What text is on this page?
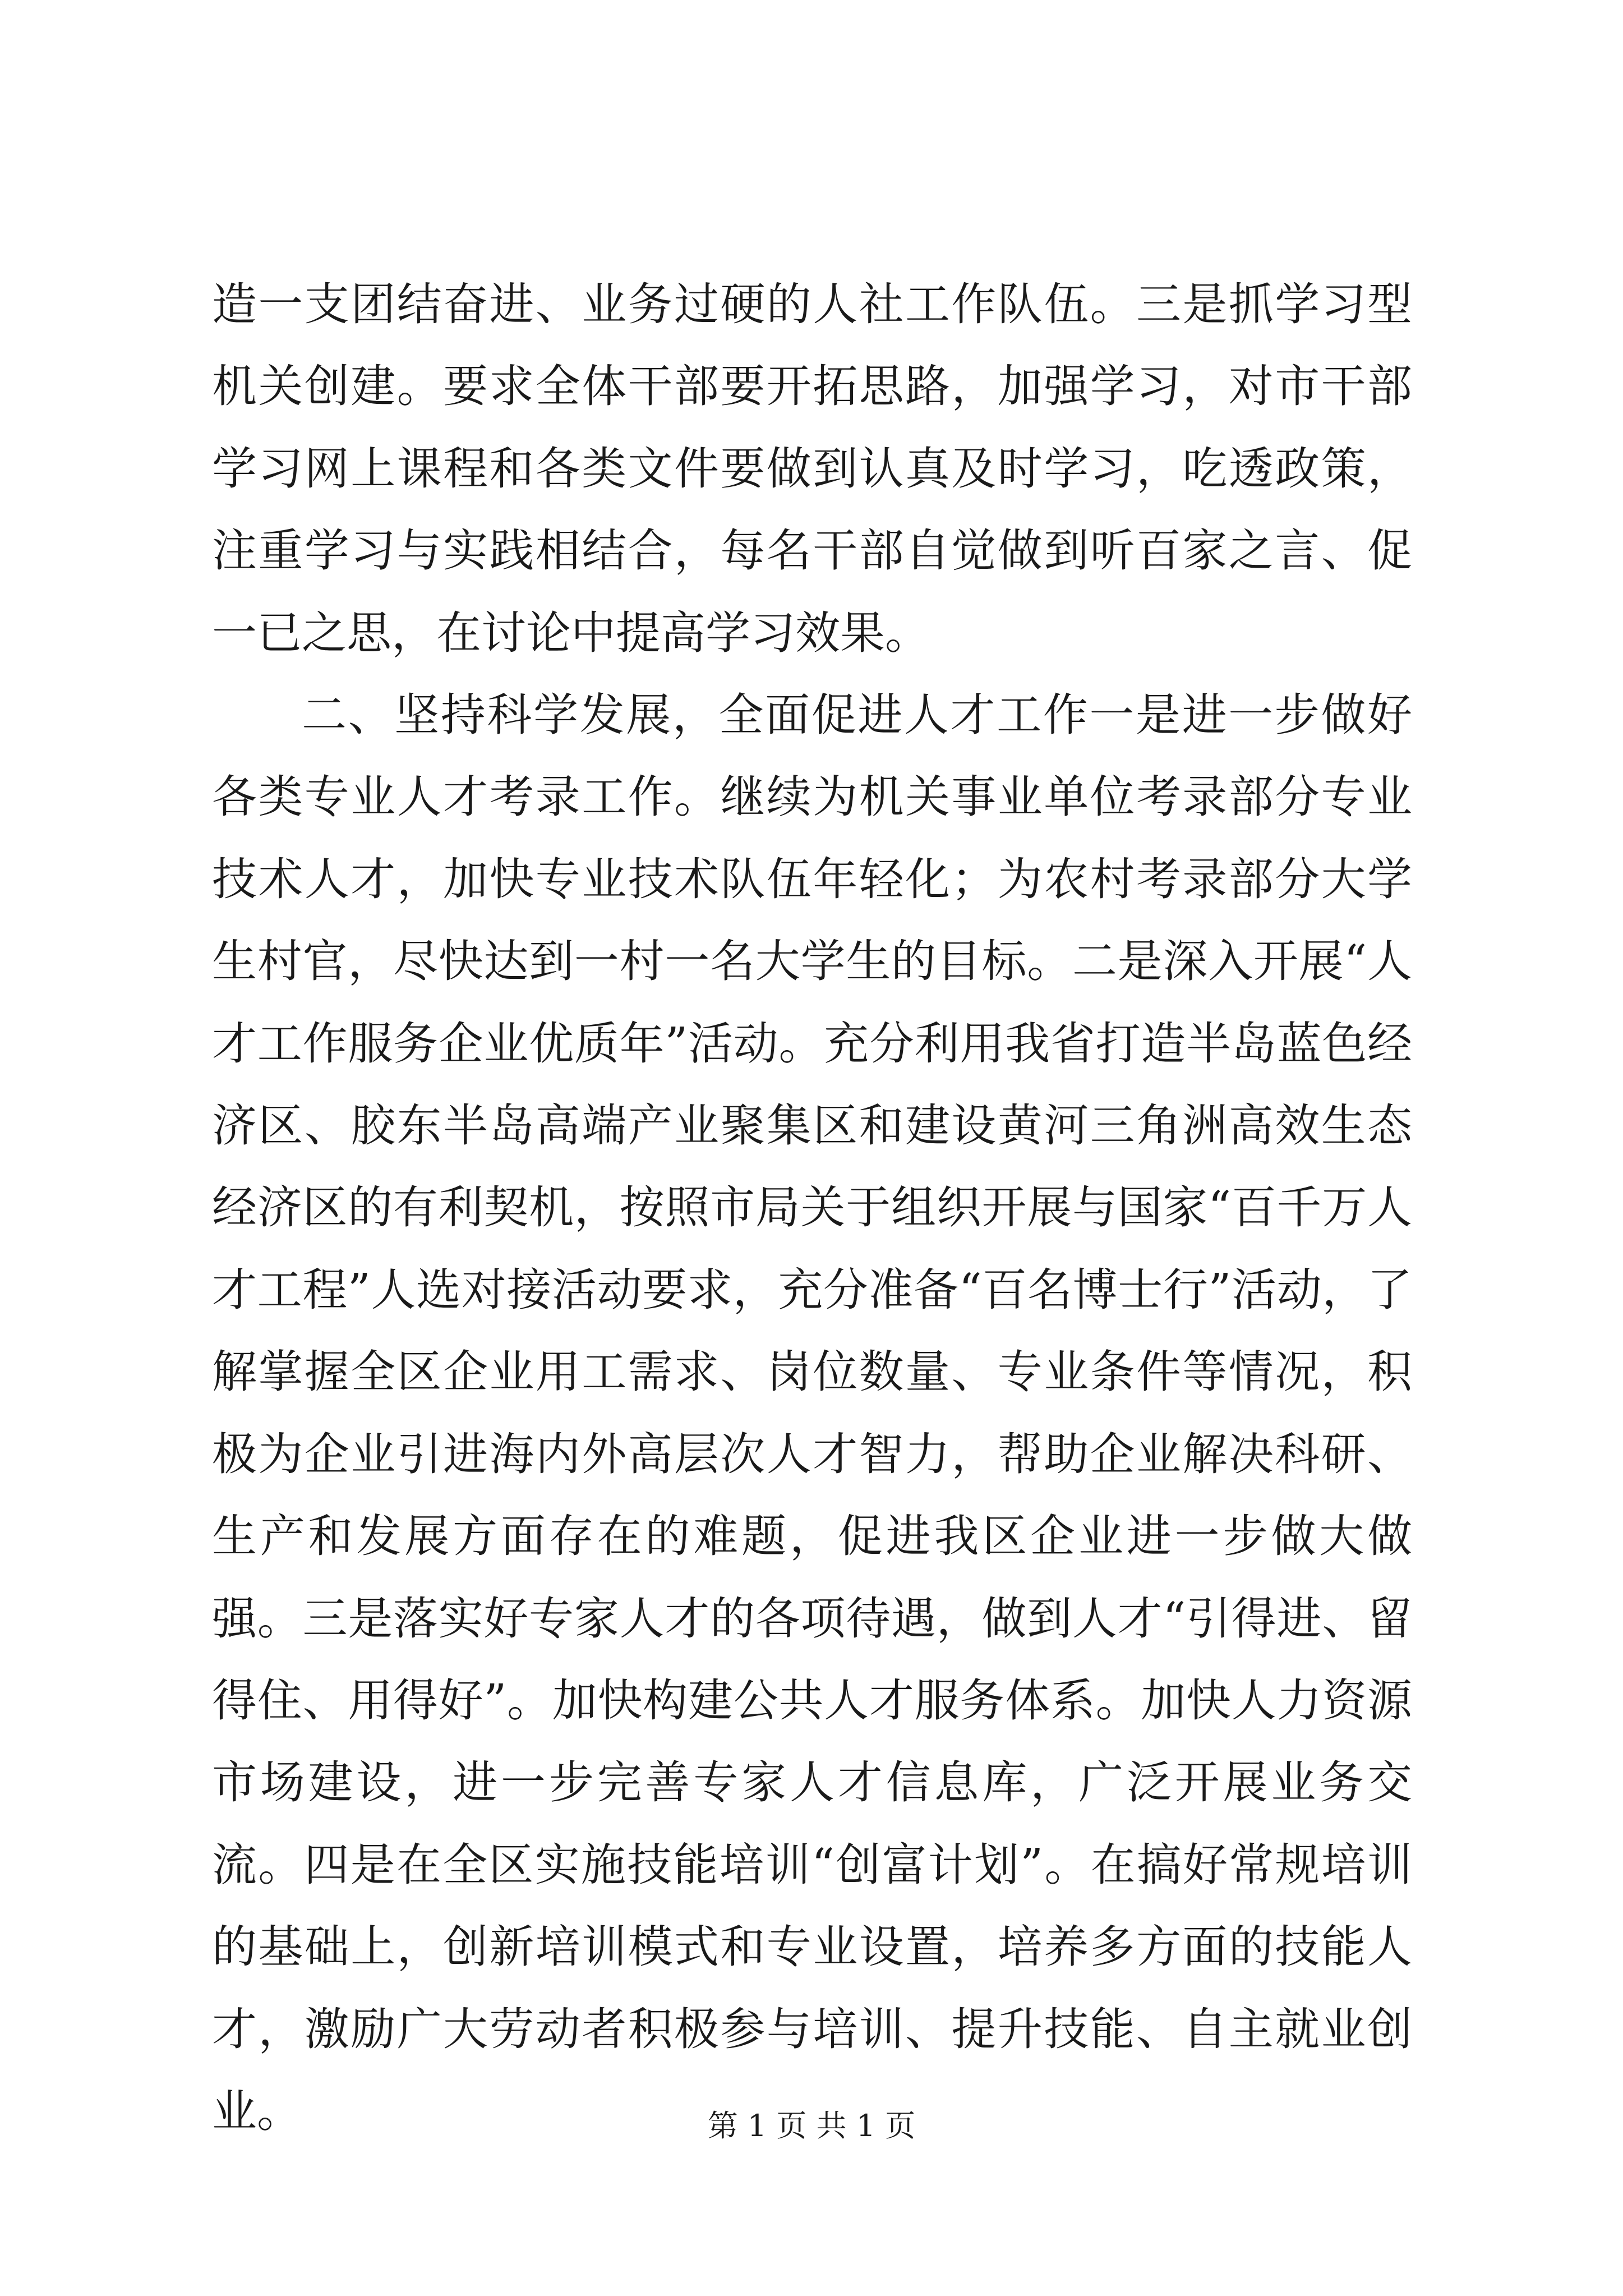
造一支团结奋进、业务过硬的人社工作队伍。三是抓学习型机关创建。要求全体干部要开拓思路，加强学习，对市干部学习网上课程和各类文件要做到认真及时学习，吃透政策，注重学习与实践相结合，每名干部自觉做到听百家之言、促一已之思，在讨论中提高学习效果。

二、坚持科学发展，全面促进人才工作一是进一步做好各类专业人才考录工作。继续为机关事业单位考录部分专业技术人才，加快专业技术队伍年轻化；为农村考录部分大学生村官，尽快达到一村一名大学生的目标。二是深入开展“人才工作服务企业优质年”活动。充分利用我省打造半岛蓝色经济区、胶东半岛高端产业聚集区和建设黄河三角洲高效生态经济区的有利契机，按照市局关于组织开展与国家“百千万人才工程”人选对接活动要求，充分准备“百名博士行”活动，了解掌握全区企业用工需求、岗位数量、专业条件等情况，积极为企业引进海内外高层次人才智力，帮助企业解决科研、生产和发展方面存在的难题，促进我区企业进一步做大做强。三是落实好专家人才的各项待遇，做到人才“引得进、留得住、用得好”。加快构建公共人才服务体系。加快人力资源市场建设，进一步完善专家人才信息库，广泛开展业务交流。四是在全区实施技能培训“创富计划”。在搞好常规培训的基础上，创新培训模式和专业设置，培养多方面的技能人才，激励广大劳动者积极参与培训、提升技能、自主就业创业。	第 1 页 共 1 页
